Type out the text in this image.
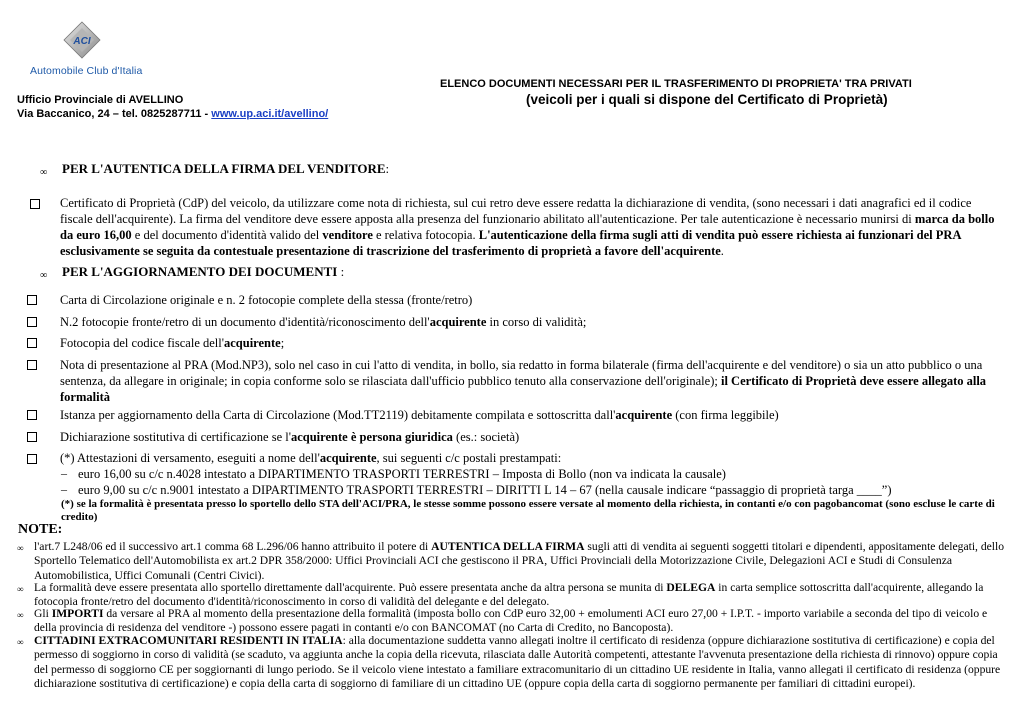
ACI
Automobile Club d'Italia
Ufficio Provinciale di AVELLINO
Via Baccanico, 24 – tel. 0825287711 - www.up.aci.it/avellino/
ELENCO DOCUMENTI NECESSARI PER IL TRASFERIMENTO DI PROPRIETA' TRA PRIVATI
(veicoli per i quali si dispone del Certificato di Proprietà)
∞ PER L'AUTENTICA DELLA FIRMA DEL VENDITORE:
Certificato di Proprietà (CdP) del veicolo, da utilizzare come nota di richiesta, sul cui retro deve essere redatta la dichiarazione di vendita, (sono necessari i dati anagrafici ed il codice fiscale dell'acquirente). La firma del venditore deve essere apposta alla presenza del funzionario abilitato all'autenticazione. Per tale autenticazione è necessario munirsi di marca da bollo da euro 16,00 e del documento d'identità valido del venditore e relativa fotocopia. L'autenticazione della firma sugli atti di vendita può essere richiesta ai funzionari del PRA esclusivamente se seguita da contestuale presentazione di trascrizione del trasferimento di proprietà a favore dell'acquirente.
∞ PER L'AGGIORNAMENTO DEI DOCUMENTI :
Carta di Circolazione originale e n. 2 fotocopie complete della stessa (fronte/retro)
N.2 fotocopie fronte/retro di un documento d'identità/riconoscimento dell'acquirente in corso di validità;
Fotocopia del codice fiscale dell'acquirente;
Nota di presentazione al PRA (Mod.NP3), solo nel caso in cui l'atto di vendita, in bollo, sia redatto in forma bilaterale (firma dell'acquirente e del venditore) o sia un atto pubblico o una sentenza, da allegare in originale; in copia conforme solo se rilasciata dall'ufficio pubblico tenuto alla conservazione dell'originale); il Certificato di Proprietà deve essere allegato alla formalità
Istanza per aggiornamento della Carta di Circolazione (Mod.TT2119) debitamente compilata e sottoscritta dall'acquirente (con firma leggibile)
Dichiarazione sostitutiva di certificazione se l'acquirente è persona giuridica (es.: società)
(*) Attestazioni di versamento, eseguiti a nome dell'acquirente, sui seguenti c/c postali prestampati:
– euro 16,00 su c/c n.4028 intestato a DIPARTIMENTO TRASPORTI TERRESTRI – Imposta di Bollo (non va indicata la causale)
– euro 9,00 su c/c n.9001 intestato a DIPARTIMENTO TRASPORTI TERRESTRI – DIRITTI L 14 – 67 (nella causale indicare “passaggio di proprietà targa ____”)
(*) se la formalità è presentata presso lo sportello dello STA dell'ACI/PRA, le stesse somme possono essere versate al momento della richiesta, in contanti e/o con pagobancomat (sono escluse le carte di credito)
NOTE:
∞ l'art.7 L248/06 ed il successivo art.1 comma 68 L.296/06 hanno attribuito il potere di AUTENTICA DELLA FIRMA sugli atti di vendita ai seguenti soggetti titolari e dipendenti, appositamente delegati, dello Sportello Telematico dell'Automobilista ex art.2 DPR 358/2000: Uffici Provinciali ACI che gestiscono il PRA, Uffici Provinciali della Motorizzazione Civile, Delegazioni ACI e Studi di Consulenza Automobilistica, Uffici Comunali (Centri Civici).
∞ La formalità deve essere presentata allo sportello direttamente dall'acquirente. Può essere presentata anche da altra persona se munita di DELEGA in carta semplice sottoscritta dall'acquirente, allegando la fotocopia fronte/retro del documento d'identità/riconoscimento in corso di validità del delegante e del delegato.
∞ Gli IMPORTI da versare al PRA al momento della presentazione della formalità (imposta bollo con CdP euro 32,00 + emolumenti ACI euro 27,00 + I.P.T. - importo variabile a seconda del tipo di veicolo e della provincia di residenza del venditore -) possono essere pagati in contanti e/o con BANCOMAT (no Carta di Credito, no Bancoposta).
∞ CITTADINI EXTRACOMUNITARI RESIDENTI IN ITALIA: alla documentazione suddetta vanno allegati inoltre il certificato di residenza (oppure dichiarazione sostitutiva di certificazione) e copia del permesso di soggiorno in corso di validità (se scaduto, va aggiunta anche la copia della ricevuta, rilasciata dalle Autorità competenti, attestante l'avvenuta presentazione della richiesta di rinnovo) oppure copia del permesso di soggiorno CE per soggiornanti di lungo periodo. Se il veicolo viene intestato a familiare extracomunitario di un cittadino UE residente in Italia, vanno allegati il certificato di residenza (oppure dichiarazione sostitutiva di certificazione) e copia della carta di soggiorno di familiare di un cittadino UE (oppure copia della carta di soggiorno permanente per familiari di cittadini europei).
